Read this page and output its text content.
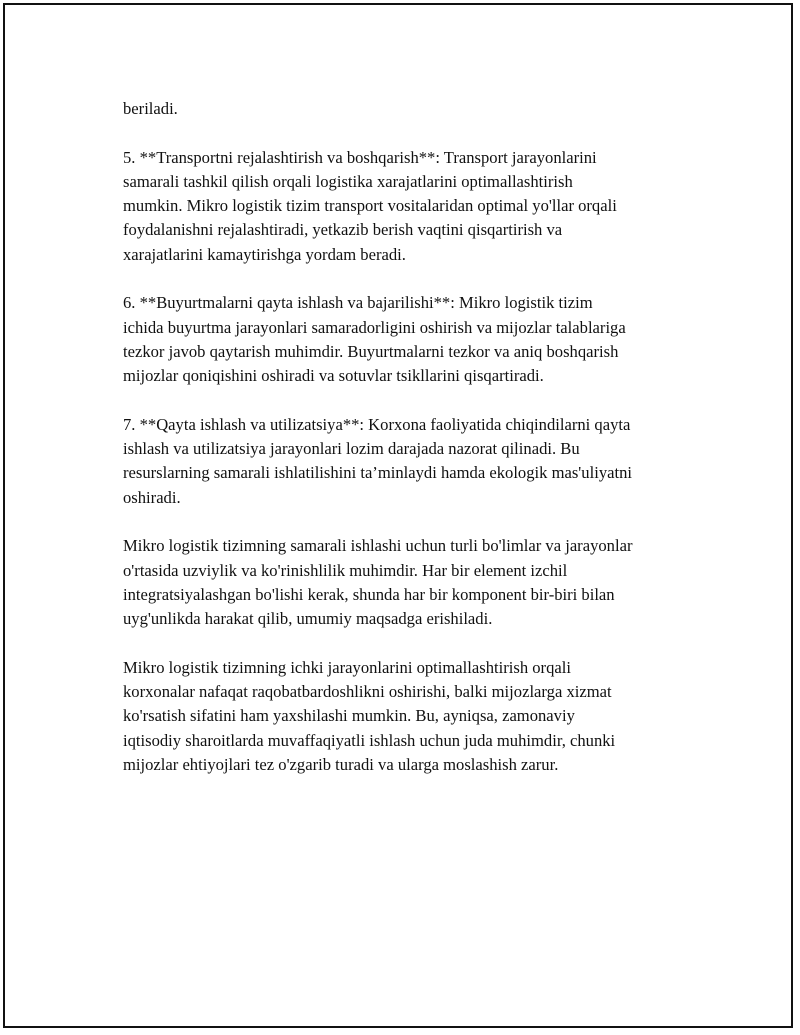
beriladi.

5. **Transportni rejalashtirish va boshqarish**: Transport jarayonlarini
samarali tashkil qilish orqali logistika xarajatlarini optimallashtirish
mumkin. Mikro logistik tizim transport vositalaridan optimal yo'llar orqali
foydalanishni rejalashtiradi, yetkazib berish vaqtini qisqartirish va
xarajatlarini kamaytirishga yordam beradi.

6. **Buyurtmalarni qayta ishlash va bajarilishi**: Mikro logistik tizim
ichida buyurtma jarayonlari samaradorligini oshirish va mijozlar talablariga
tezkor javob qaytarish muhimdir. Buyurtmalarni tezkor va aniq boshqarish
mijozlar qoniqishini oshiradi va sotuvlar tsikllarini qisqartiradi.

7. **Qayta ishlash va utilizatsiya**: Korxona faoliyatida chiqindilarni qayta
ishlash va utilizatsiya jarayonlari lozim darajada nazorat qilinadi. Bu
resurslarning samarali ishlatilishini ta’minlaydi hamda ekologik mas'uliyatni
oshiradi.

Mikro logistik tizimning samarali ishlashi uchun turli bo'limlar va jarayonlar
o'rtasida uzviylik va ko'rinishlilik muhimdir. Har bir element izchil
integratsiyalashgan bo'lishi kerak, shunda har bir komponent bir-biri bilan
uyg'unlikda harakat qilib, umumiy maqsadga erishiladi.

Mikro logistik tizimning ichki jarayonlarini optimallashtirish orqali
korxonalar nafaqat raqobatbardoshlikni oshirishi, balki mijozlarga xizmat
ko'rsatish sifatini ham yaxshilashi mumkin. Bu, ayniqsa, zamonaviy
iqtisodiy sharoitlarda muvaffaqiyatli ishlash uchun juda muhimdir, chunki
mijozlar ehtiyojlari tez o'zgarib turadi va ularga moslashish zarur.
